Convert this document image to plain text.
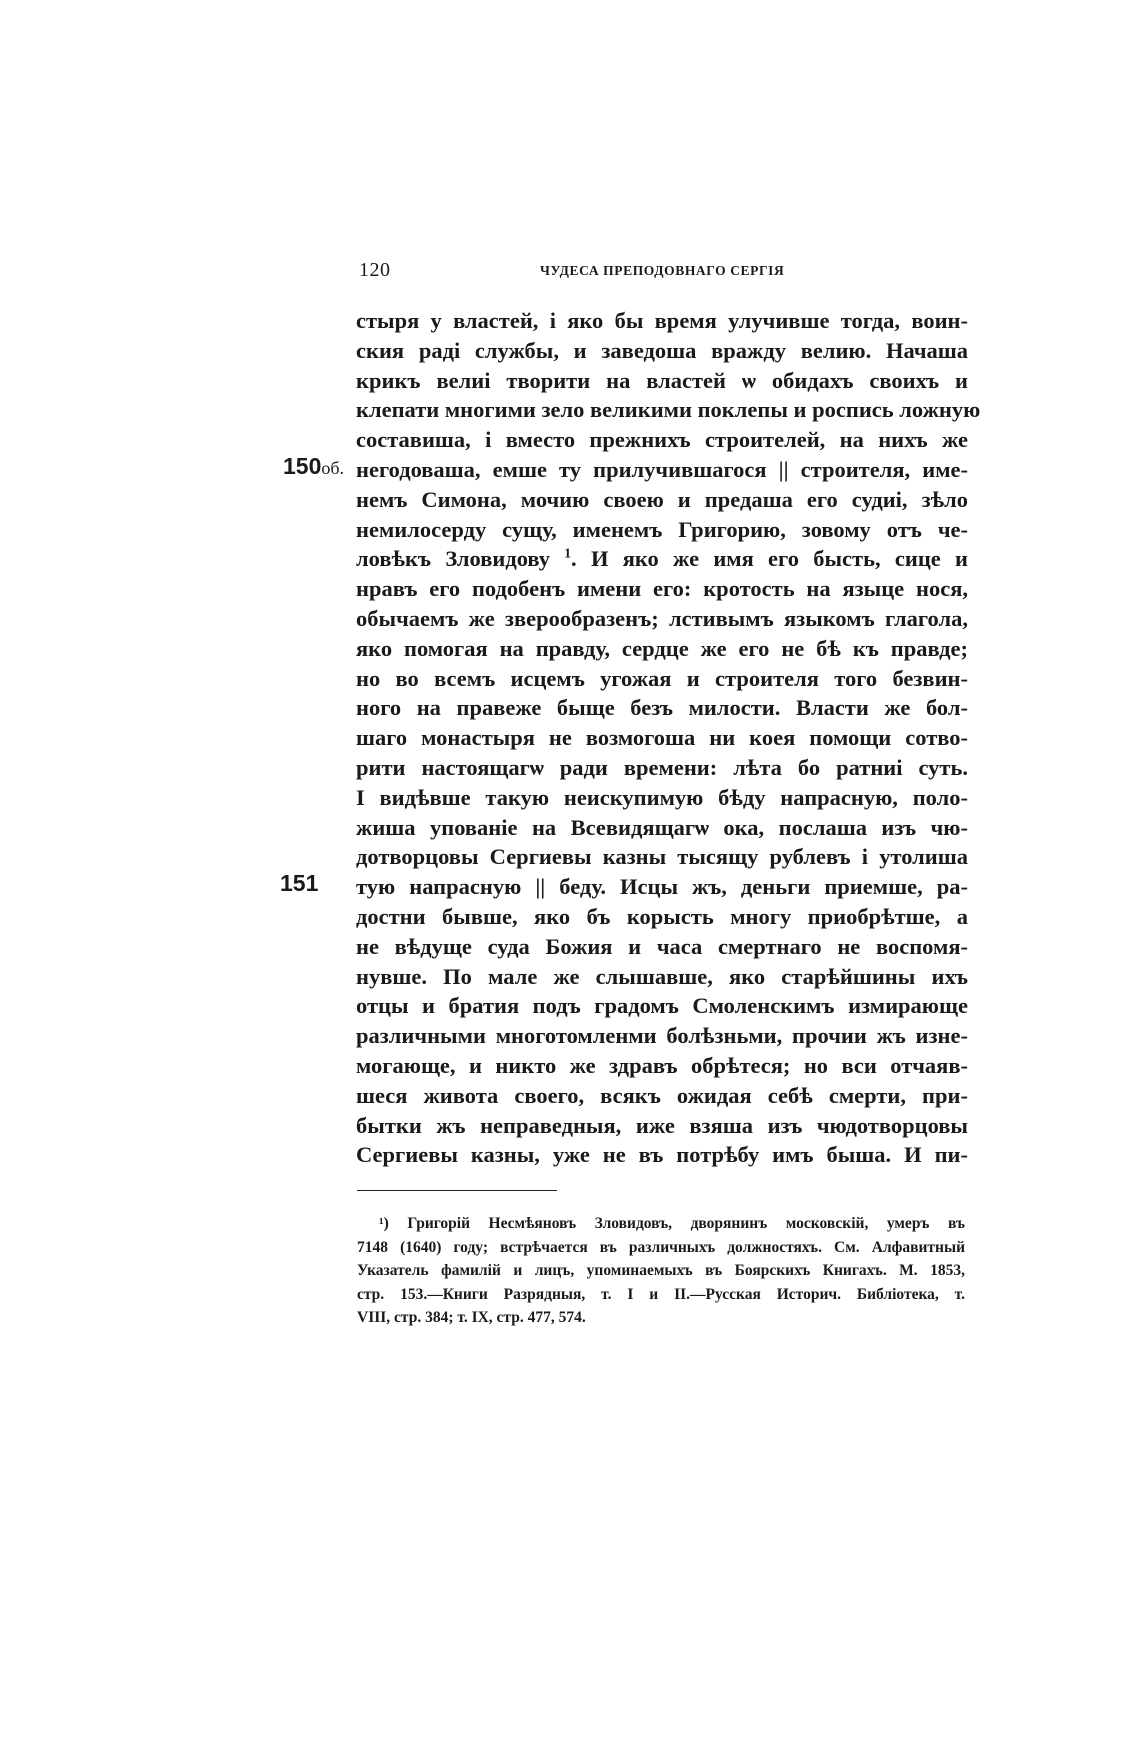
120	ЧУДЕСА ПРЕПОДОВНАГО СЕРГІЯ
150об.
151
стыря у властей, і яко бы время улучивше тогда, воин-
ския раді службы, и заведоша вражду велию. Начаша
крикъ велиі творити на властей ѡ обидахъ своихъ и
клепати многими зело великими поклепы и роспись ложную
составиша, і вместо прежнихъ строителей, на нихъ же
негодоваша, емше ту прилучившагося || строителя, име-
немъ Симона, мочию своею и предаша его судиі, зѣло
немилосерду сущу, именемъ Григорию, зовому отъ че-
ловѣкъ Зловидову $^1$. И яко же имя его бысть, сице и
нравъ его подобенъ имени его: кротость на языце нося,
обычаемъ же зверообразенъ; лстивымъ языкомъ глагола,
яко помогая на правду, сердце же его не бѣ къ правде;
но во всемъ исцемъ угожая и строителя того безвин-
ного на правеже быще безъ милости. Власти же бол-
шаго монастыря не возмогоша ни коея помощи сотво-
рити настоящагѡ ради времени: лѣта бо ратниі суть.
І видѣвше такую неискупимую бѣду напрасную, поло-
жиша упованіе на Всевидящагѡ ока, послаша изъ чю-
дотворцовы Сергиевы казны тысящу рублевъ і утолиша
тую напрасную || беду. Исцы жъ, деньги приемше, ра-
достни бывше, яко бъ корысть многу приобрѣтше, а
не вѣдуще суда Божия и часа смертнаго не воспомя-
нувше. По мале же слышавше, яко старѣйшины ихъ
отцы и братия подъ градомъ Смоленскимъ измирающе
различными многотомленми болѣзньми, прочии жъ изне-
могающе, и никто же здравъ обрѣтеся; но вси отчаяв-
шеся живота своего, всякъ ожидая себѣ смерти, при-
бытки жъ неправедныя, иже взяша изъ чюдотворцовы
Сергиевы казны, уже не въ потрѣбу имъ быша. И пи-
¹) Григорій Несмѣяновъ Зловидовъ, дворянинъ московскій, умеръ въ
7148 (1640) году; встрѣчается въ различныхъ должностяхъ. См. Алфавитный
Указатель фамилій и лицъ, упоминаемыхъ въ Боярскихъ Книгахъ. М. 1853,
стр. 153.—Книги Разрядныя, т. І и II.—Русская Историч. Библіотека, т.
VIII, стр. 384; т. IX, стр. 477, 574.
